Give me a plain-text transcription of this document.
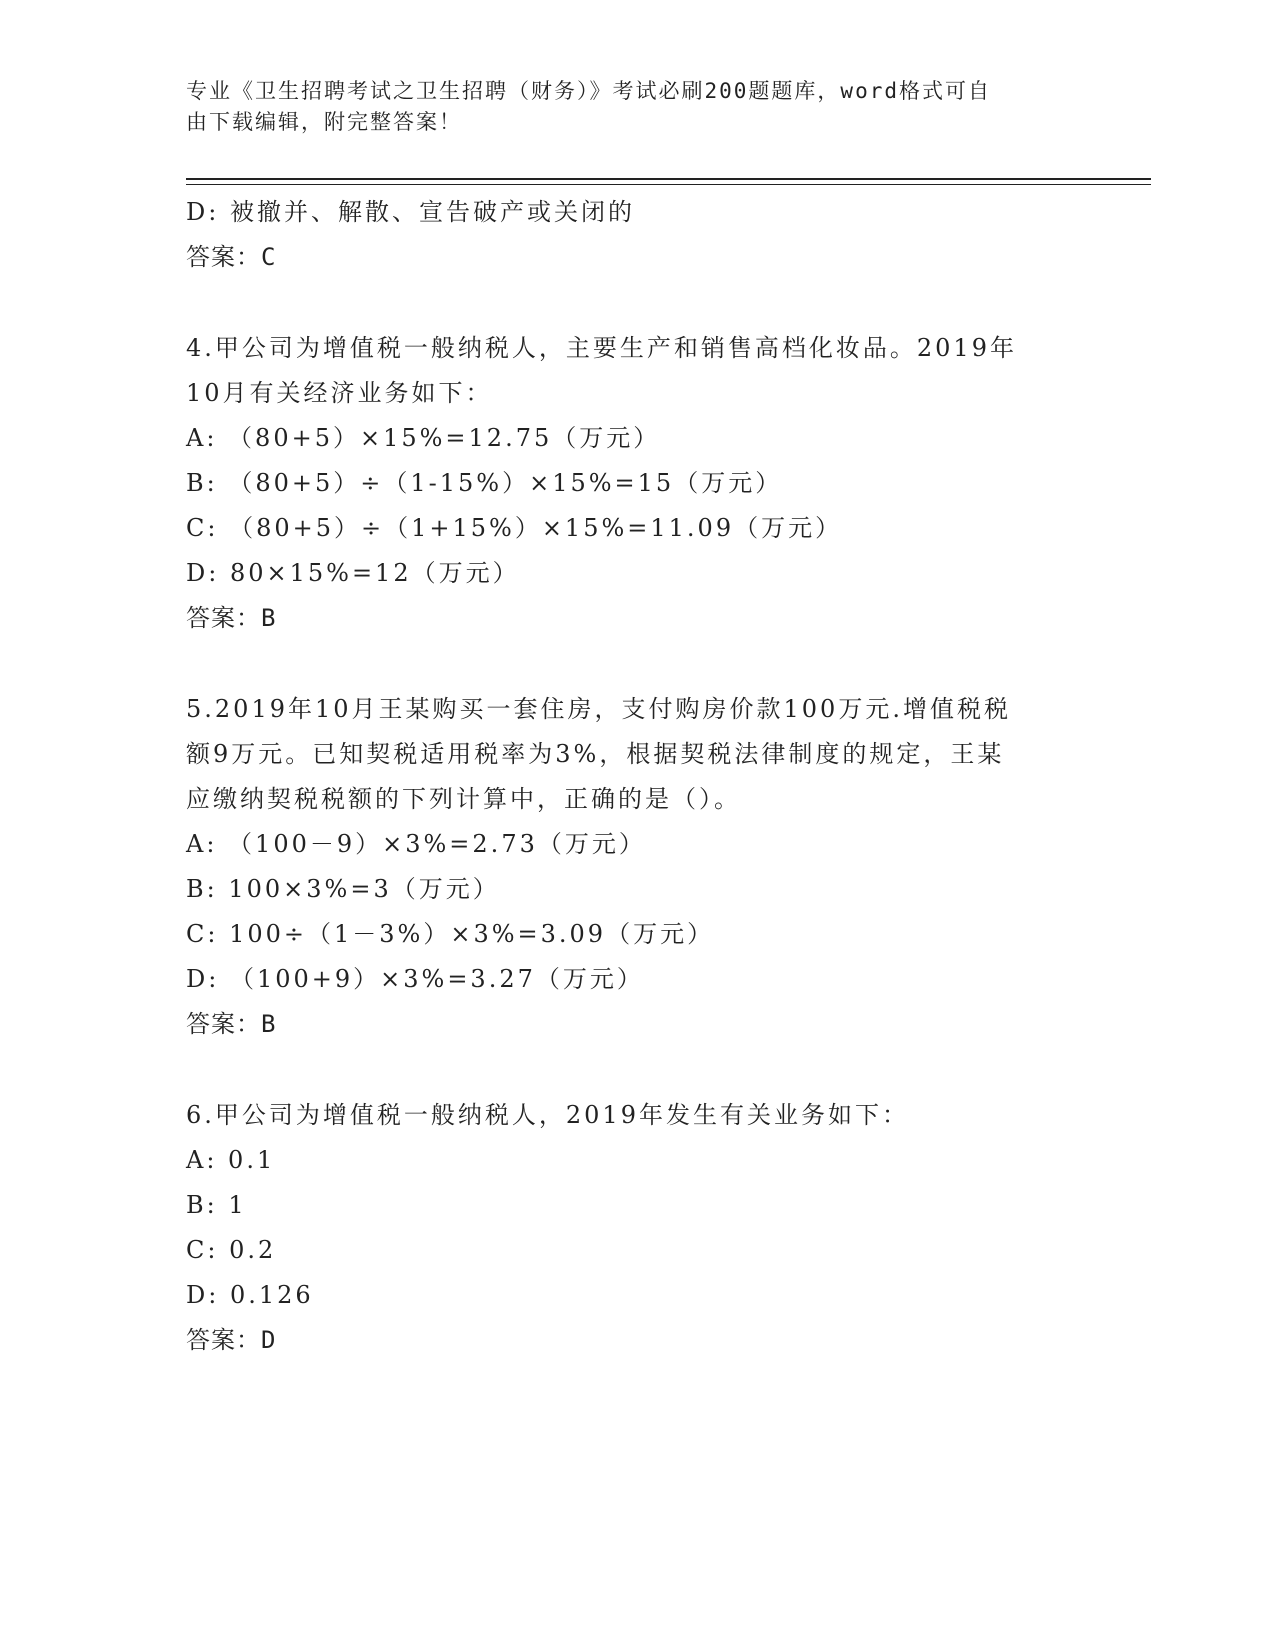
专业《卫生招聘考试之卫生招聘（财务）》考试必刷200题题库，word格式可自
由下载编辑，附完整答案！
D: 被撤并、解散、宣告破产或关闭的
答案：C
4.甲公司为增值税一般纳税人，主要生产和销售高档化妆品。2019年
10月有关经济业务如下：
A: （80+5）×15%=12.75（万元）
B: （80+5）÷（1-15%）×15%=15（万元）
C: （80+5）÷（1+15%）×15%=11.09（万元）
D: 80×15%=12（万元）
答案：B
5.2019年10月王某购买一套住房，支付购房价款100万元.增值税税
额9万元。已知契税适用税率为3%，根据契税法律制度的规定，王某
应缴纳契税税额的下列计算中，正确的是（）。
A: （100－9）×3%=2.73（万元）
B: 100×3%=3（万元）
C: 100÷（1－3%）×3%=3.09（万元）
D: （100+9）×3%=3.27（万元）
答案：B
6.甲公司为增值税一般纳税人，2019年发生有关业务如下：
A: 0.1
B: 1
C: 0.2
D: 0.126
答案：D
